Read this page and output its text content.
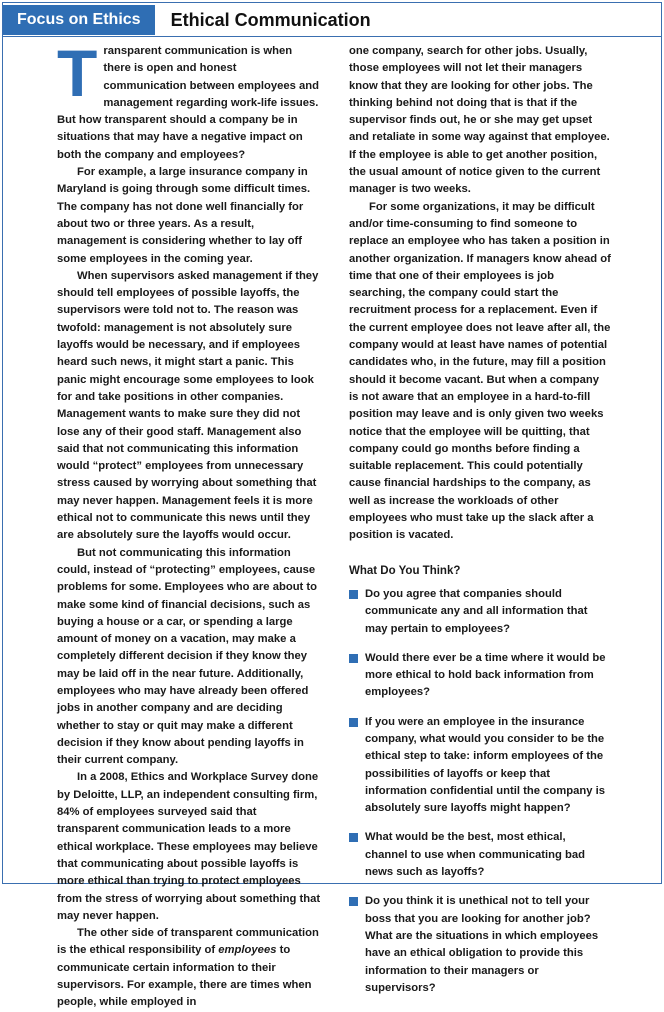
Focus on Ethics	Ethical Communication

Transparent communication is when there is open and honest communication between employees and management regarding work-life issues. But how transparent should a company be in situations that may have a negative impact on both the company and employees?

For example, a large insurance company in Maryland is going through some difficult times. The company has not done well financially for about two or three years. As a result, management is considering whether to lay off some employees in the coming year.

When supervisors asked management if they should tell employees of possible layoffs, the supervisors were told not to. The reason was twofold: management is not absolutely sure layoffs would be necessary, and if employees heard such news, it might start a panic. This panic might encourage some employees to look for and take positions in other companies. Management wants to make sure they did not lose any of their good staff. Management also said that not communicating this information would “protect” employees from unnecessary stress caused by worrying about something that may never happen. Management feels it is more ethical not to communicate this news until they are absolutely sure the layoffs would occur.

But not communicating this information could, instead of “protecting” employees, cause problems for some. Employees who are about to make some kind of financial decisions, such as buying a house or a car, or spending a large amount of money on a vacation, may make a completely different decision if they know they may be laid off in the near future. Additionally, employees who may have already been offered jobs in another company and are deciding whether to stay or quit may make a different decision if they know about pending layoffs in their current company.

In a 2008, Ethics and Workplace Survey done by Deloitte, LLP, an independent consulting firm, 84% of employees surveyed said that transparent communication leads to a more ethical workplace. These employees may believe that communicating about possible layoffs is more ethical than trying to protect employees from the stress of worrying about something that may never happen.

The other side of transparent communication is the ethical responsibility of employees to communicate certain information to their supervisors. For example, there are times when people, while employed in

one company, search for other jobs. Usually, those employees will not let their managers know that they are looking for other jobs. The thinking behind not doing that is that if the supervisor finds out, he or she may get upset and retaliate in some way against that employee. If the employee is able to get another position, the usual amount of notice given to the current manager is two weeks.

For some organizations, it may be difficult and/or time-consuming to find someone to replace an employee who has taken a position in another organization. If managers know ahead of time that one of their employees is job searching, the company could start the recruitment process for a replacement. Even if the current employee does not leave after all, the company would at least have names of potential candidates who, in the future, may fill a position should it become vacant. But when a company is not aware that an employee in a hard-to-fill position may leave and is only given two weeks notice that the employee will be quitting, that company could go months before finding a suitable replacement. This could potentially cause financial hardships to the company, as well as increase the workloads of other employees who must take up the slack after a position is vacated.

What Do You Think?
Do you agree that companies should communicate any and all information that may pertain to employees?
Would there ever be a time where it would be more ethical to hold back information from employees?
If you were an employee in the insurance company, what would you consider to be the ethical step to take: inform employees of the possibilities of layoffs or keep that information confidential until the company is absolutely sure layoffs might happen?
What would be the best, most ethical, channel to use when communicating bad news such as layoffs?
Do you think it is unethical not to tell your boss that you are looking for another job? What are the situations in which employees have an ethical obligation to provide this information to their managers or supervisors?
